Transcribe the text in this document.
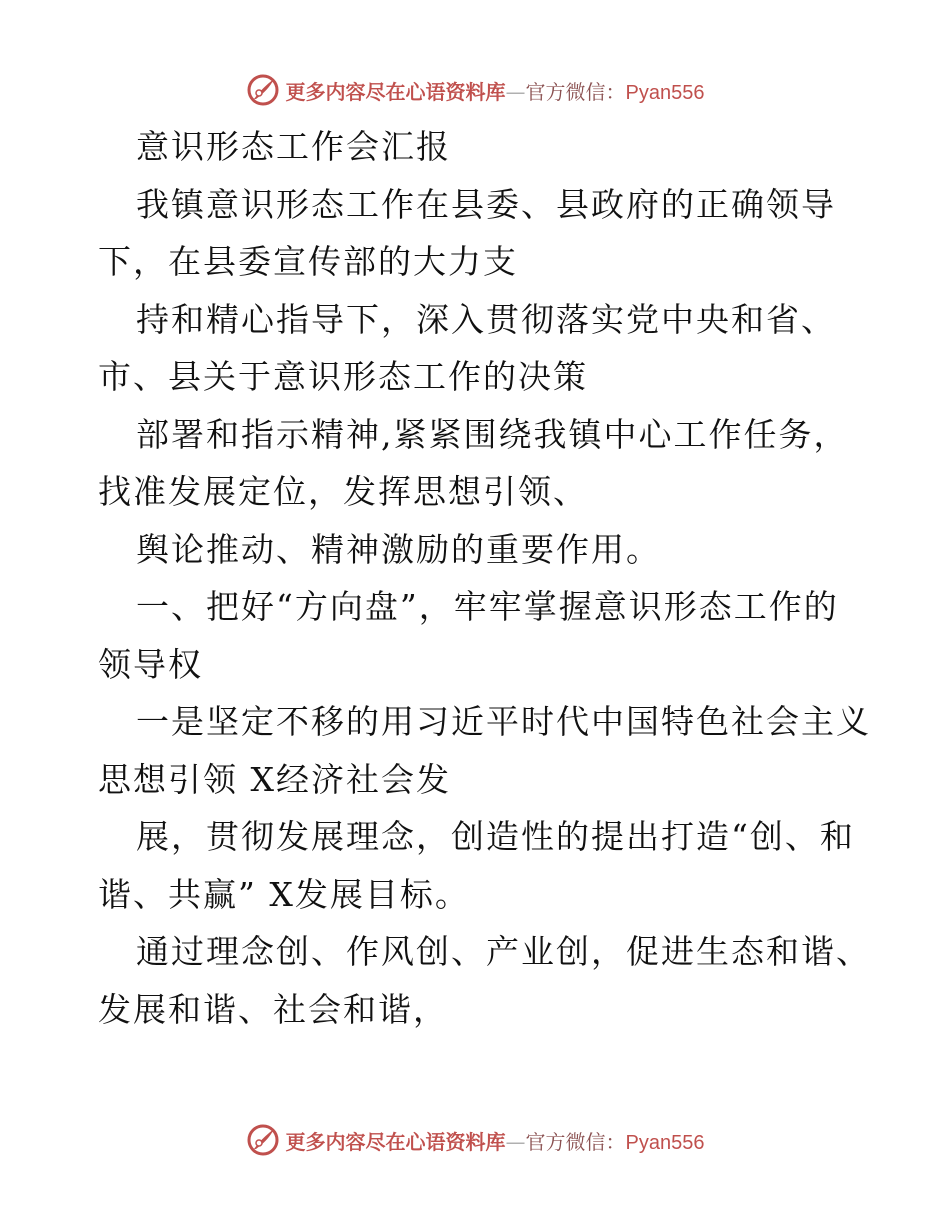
更多内容尽在心语资料库—官方微信：Pyan556

意识形态工作会汇报

我镇意识形态工作在县委、县政府的正确领导
下，在县委宣传部的大力支

持和精心指导下，深入贯彻落实党中央和省、
市、县关于意识形态工作的决策

部署和指示精神,紧紧围绕我镇中心工作任务，
找准发展定位，发挥思想引领、

舆论推动、精神激励的重要作用。

一、把好“方向盘”，牢牢掌握意识形态工作的
领导权

一是坚定不移的用习近平时代中国特色社会主义
思想引领 X经济社会发

展，贯彻发展理念，创造性的提出打造“创、和
谐、共赢” X发展目标。

通过理念创、作风创、产业创，促进生态和谐、
发展和谐、社会和谐，

更多内容尽在心语资料库—官方微信：Pyan556
